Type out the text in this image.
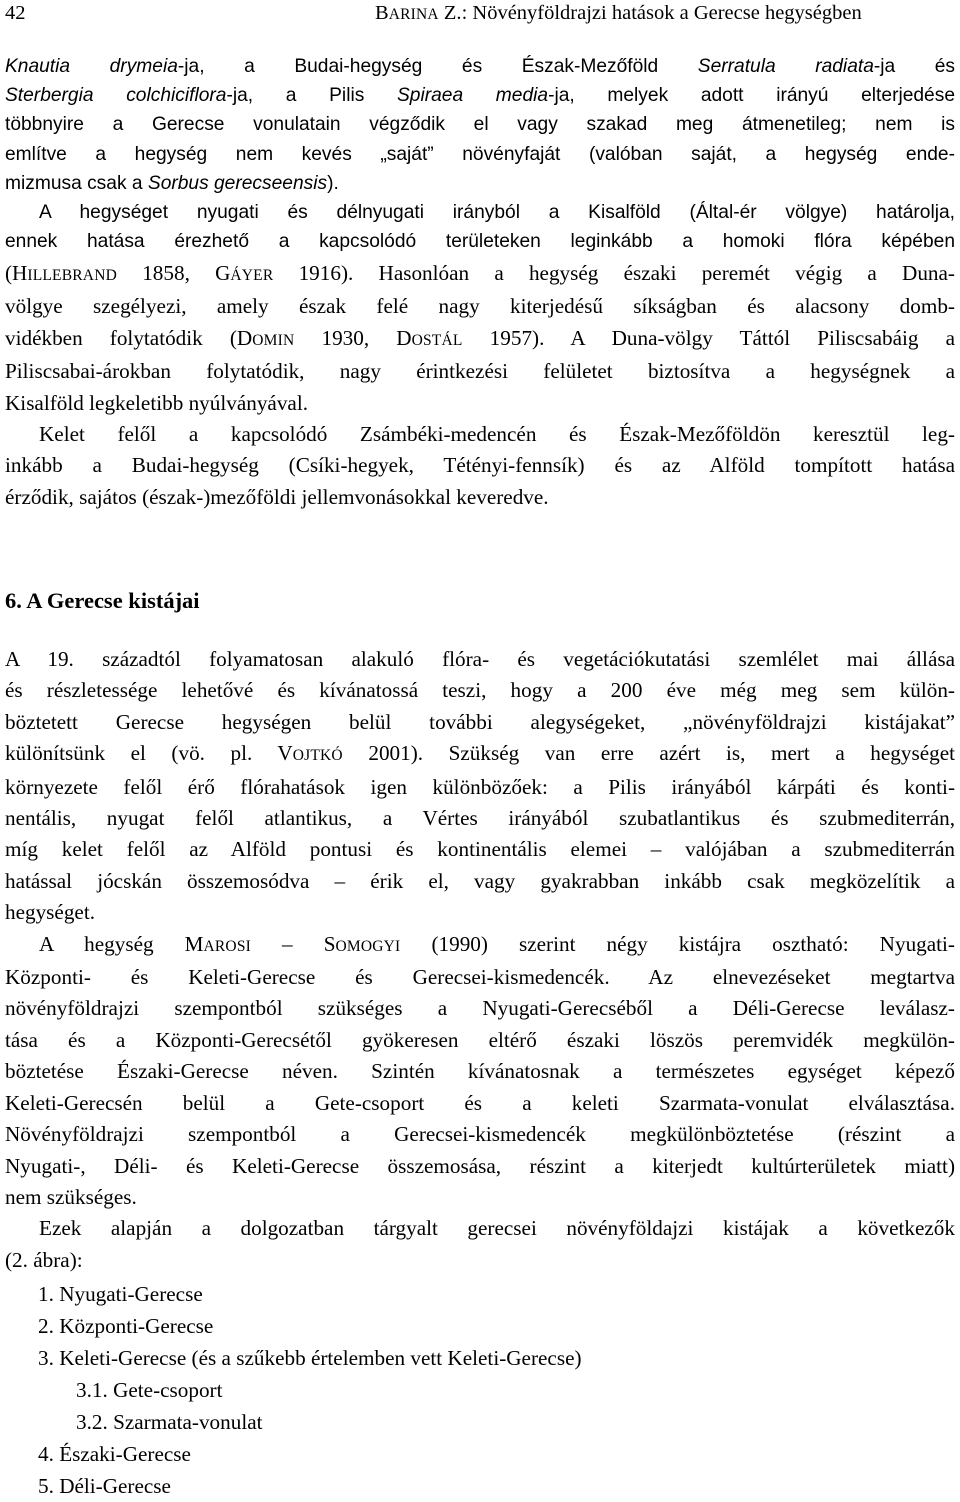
42	BARINA Z.: Növényföldrajzi hatások a Gerecse hegységben
Knautia drymeia-ja, a Budai-hegység és Észak-Mezőföld Serratula radiata-ja és
Sterbergia colchiciflora-ja, a Pilis Spiraea media-ja, melyek adott irányú elterjedése
többnyire a Gerecse vonulatain végződik el vagy szakad meg átmenetileg; nem is
említve a hegység nem kevés „saját” növényfaját (valóban saját, a hegység ende-
mizmusa csak a Sorbus gerecseensis).
A hegységet nyugati és délnyugati irányból a Kisalföld (Által-ér völgye) határolja,
ennek hatása érezhető a kapcsolódó területeken leginkább a homoki flóra képében
(HILLEBRAND 1858, GÁYER 1916). Hasonlóan a hegység északi peremét végig a Duna-
völgye szegélyezi, amely észak felé nagy kiterjedésű síkságban és alacsony domb-
vidékben folytatódik (DOMIN 1930, DOSTÁL 1957). A Duna-völgy Táttól Piliscsabáig a
Piliscsabai-árokban folytatódik, nagy érintkezési felületet biztosítva a hegységnek a
Kisalföld legkeletibb nyúlványával.
Kelet felől a kapcsolódó Zsámbéki-medencén és Észak-Mezőföldön keresztül leg-
inkább a Budai-hegység (Csíki-hegyek, Tétényi-fennsík) és az Alföld tompított hatása
érződik, sajátos (észak-)mezőföldi jellemvonásokkal keveredve.
6. A Gerecse kistájai
A 19. századtól folyamatosan alakuló flóra- és vegetációkutatási szemlélet mai állása
és részletessége lehetővé és kívánatossá teszi, hogy a 200 éve még meg sem külön-
böztetett Gerecse hegységen belül további alegységeket, „növényföldrajzi kistájakat”
különítsünk el (vö. pl. VOJTKÓ 2001). Szükség van erre azért is, mert a hegységet
környezete felől érő flórahatások igen különbözőek: a Pilis irányából kárpáti és konti-
nentális, nyugat felől atlantikus, a Vértes irányából szubatlantikus és szubmediterrán,
míg kelet felől az Alföld pontusi és kontinentális elemei – valójában a szubmediterrán
hatással jócskán összemosódva – érik el, vagy gyakrabban inkább csak megközelítik a
hegységet.
A hegység MAROSI – SOMOGYI (1990) szerint négy kistájra osztható: Nyugati-
Központi- és Keleti-Gerecse és Gerecsei-kismedencék. Az elnevezéseket megtartva
növényföldrajzi szempontból szükséges a Nyugati-Gerecséből a Déli-Gerecse leválasz-
tása és a Központi-Gerecsétől gyökeresen eltérő északi löszös peremvidék megkülön-
böztetése Északi-Gerecse néven. Szintén kívánatosnak a természetes egységet képező
Keleti-Gerecsén belül a Gete-csoport és a keleti Szarmata-vonulat elválasztása.
Növényföldrajzi szempontból a Gerecsei-kismedencék megkülönböztetése (részint a
Nyugati-, Déli- és Keleti-Gerecse összemosása, részint a kiterjedt kultúrterületek miatt)
nem szükséges.
Ezek alapján a dolgozatban tárgyalt gerecsei növényföldajzi kistájak a következők
(2. ábra):
1. Nyugati-Gerecse
2. Központi-Gerecse
3. Keleti-Gerecse (és a szűkebb értelemben vett Keleti-Gerecse)
3.1. Gete-csoport
3.2. Szarmata-vonulat
4. Északi-Gerecse
5. Déli-Gerecse
